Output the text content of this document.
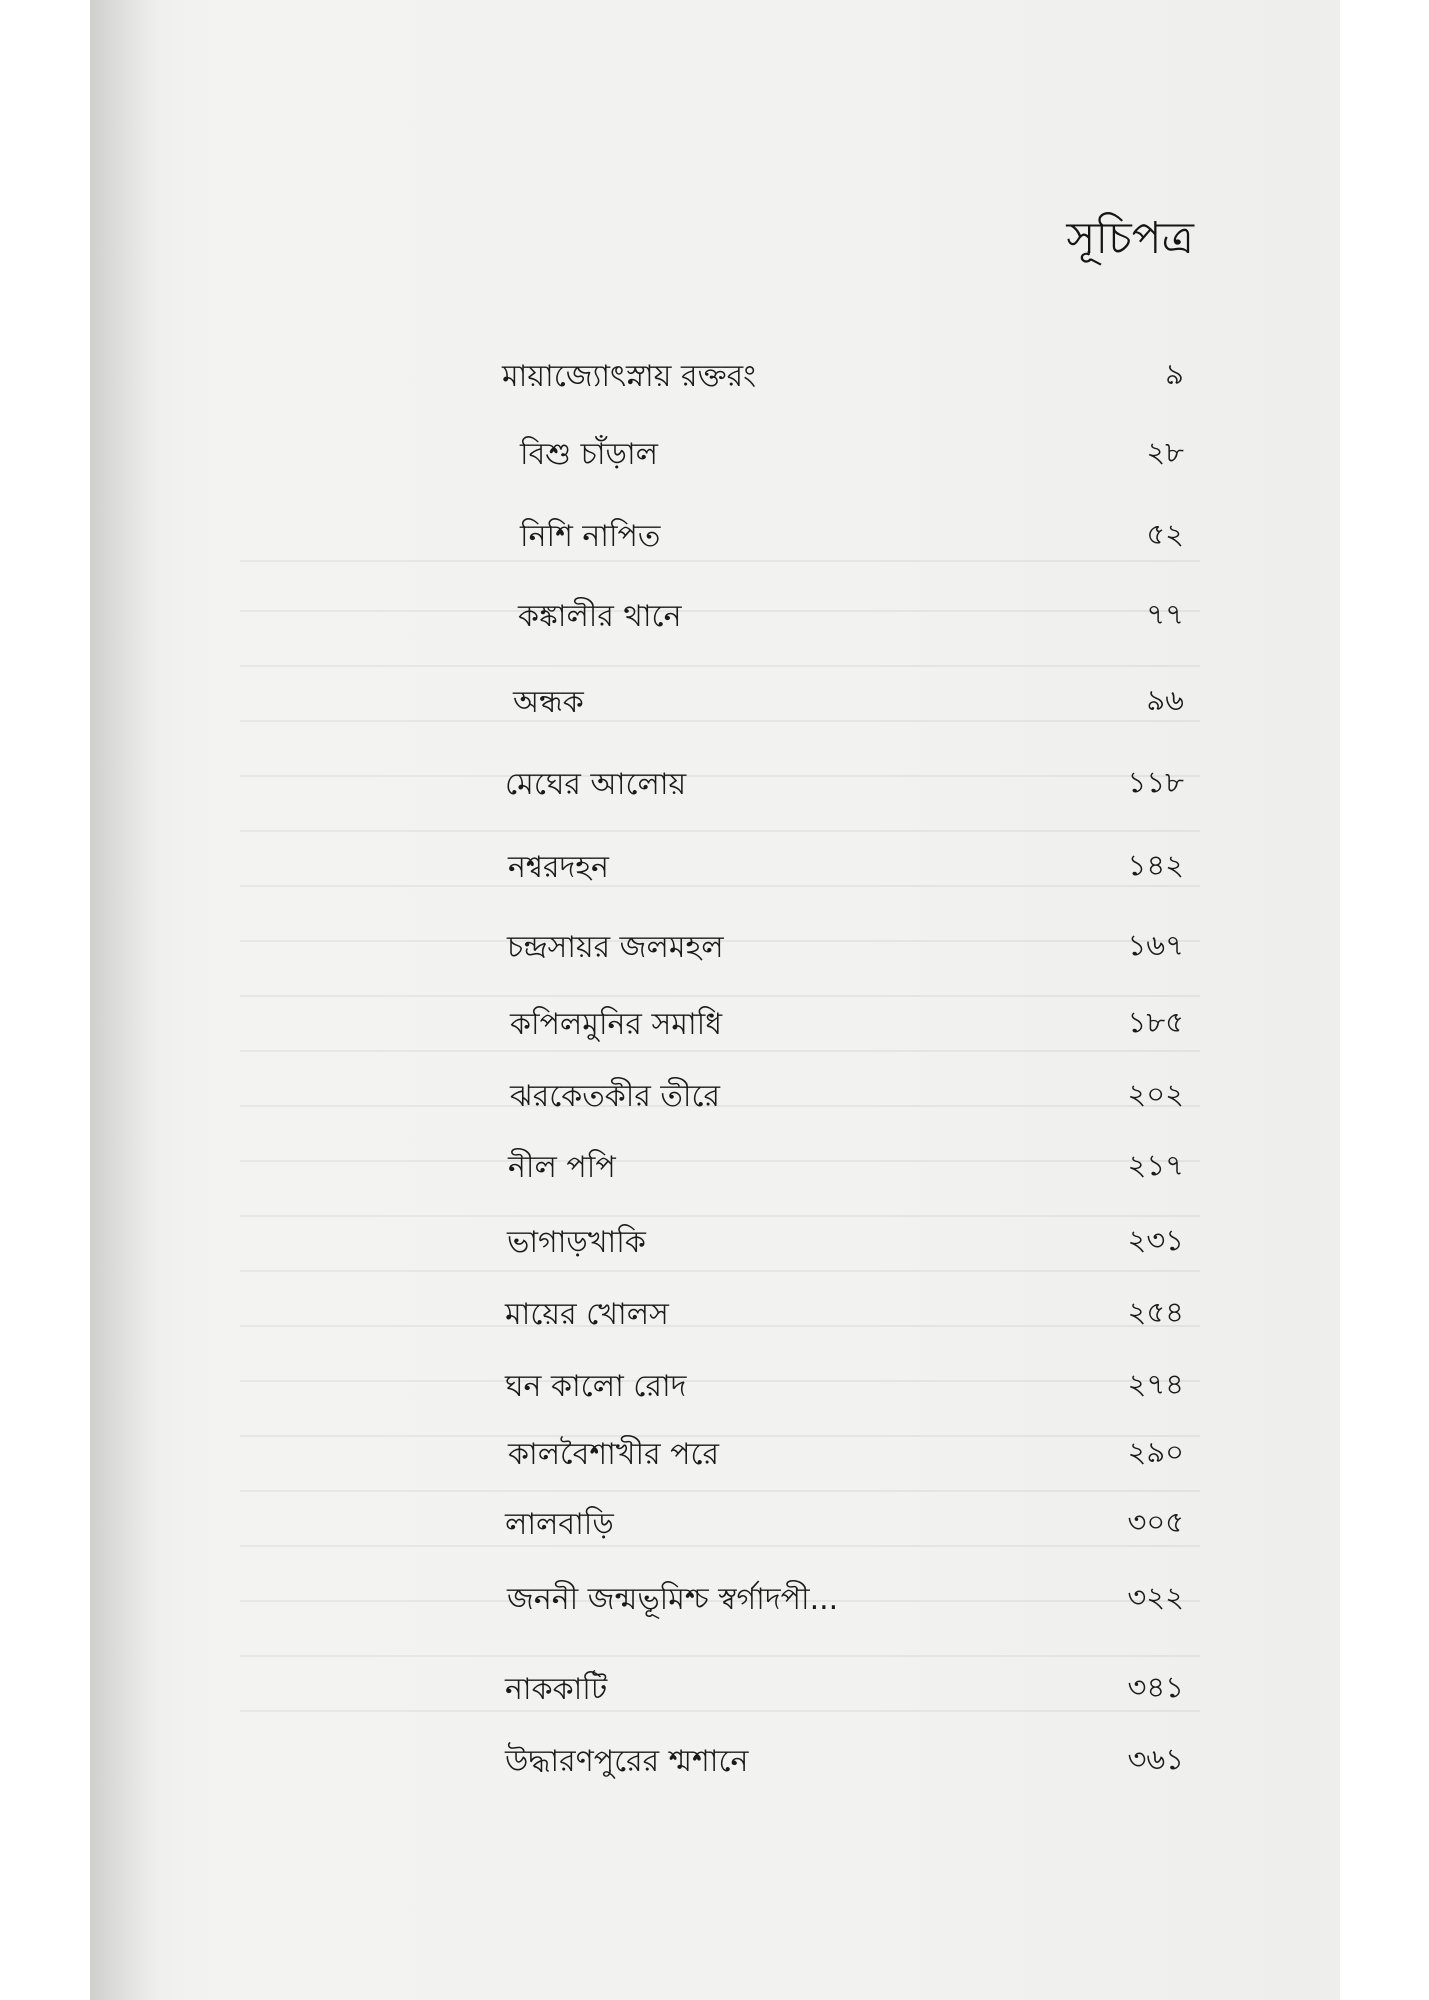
সূচিপত্র
মায়াজ্যোৎস্নায় রক্তরং	৯
বিশু চাঁড়াল	২৮
নিশি নাপিত	৫২
কঙ্কালীর থানে	৭৭
অন্ধক	৯৬
মেঘের আলোয়	১১৮
নশ্বরদহন	১৪২
চন্দ্রসায়র জলমহল	১৬৭
কপিলমুনির সমাধি	১৮৫
ঝরকেতকীর তীরে	২০২
নীল পপি	২১৭
ভাগাড়খাকি	২৩১
মায়ের খোলস	২৫৪
ঘন কালো রোদ	২৭৪
কালবৈশাখীর পরে	২৯০
লালবাড়ি	৩০৫
জননী জন্মভূমিশ্চ স্বর্গাদপী...	৩২২
নাককাটি	৩৪১
উদ্ধারণপুরের শ্মশানে	৩৬১
